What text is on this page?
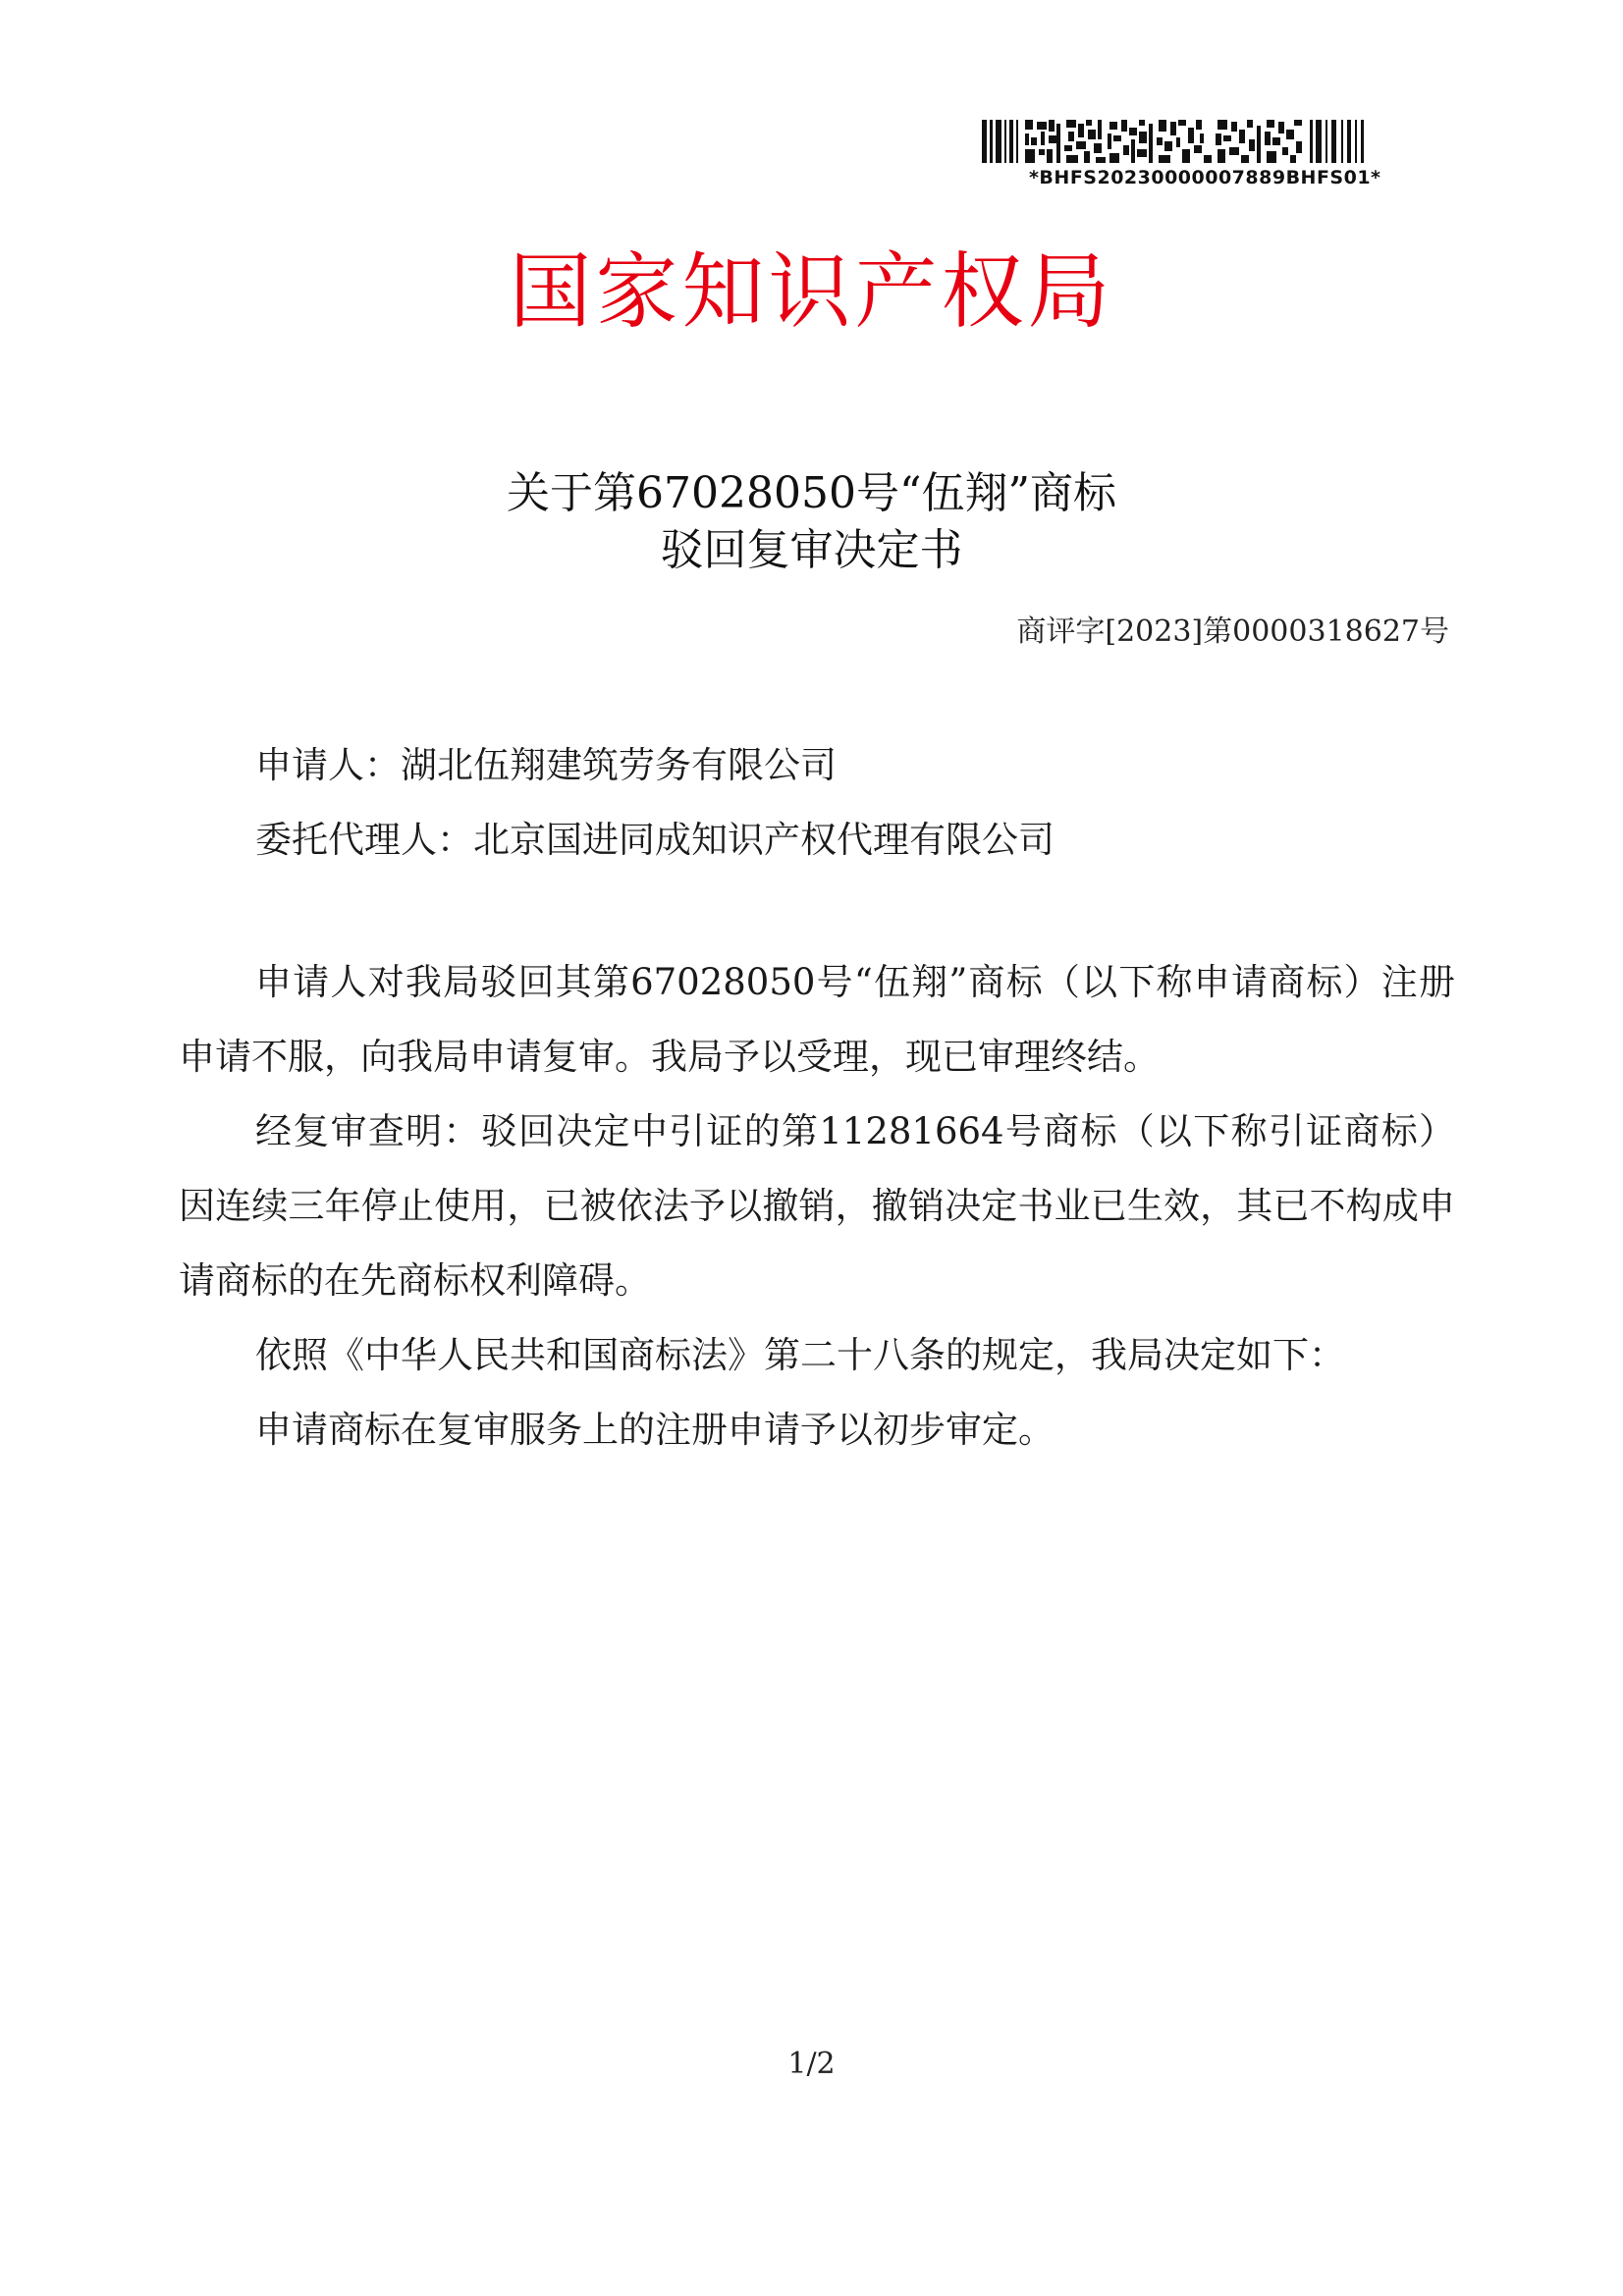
*BHFS20230000007889BHFS01*
国家知识产权局
关于第67028050号“伍翔”商标
驳回复审决定书
商评字[2023]第0000318627号
申请人：湖北伍翔建筑劳务有限公司
委托代理人：北京国进同成知识产权代理有限公司

申请人对我局驳回其第67028050号“伍翔”商标（以下称申请商标）注册申请不服，向我局申请复审。我局予以受理，现已审理终结。

经复审查明：驳回决定中引证的第11281664号商标（以下称引证商标）因连续三年停止使用，已被依法予以撤销，撤销决定书业已生效，其已不构成申请商标的在先商标权利障碍。

依照《中华人民共和国商标法》第二十八条的规定，我局决定如下：

申请商标在复审服务上的注册申请予以初步审定。

1/2
